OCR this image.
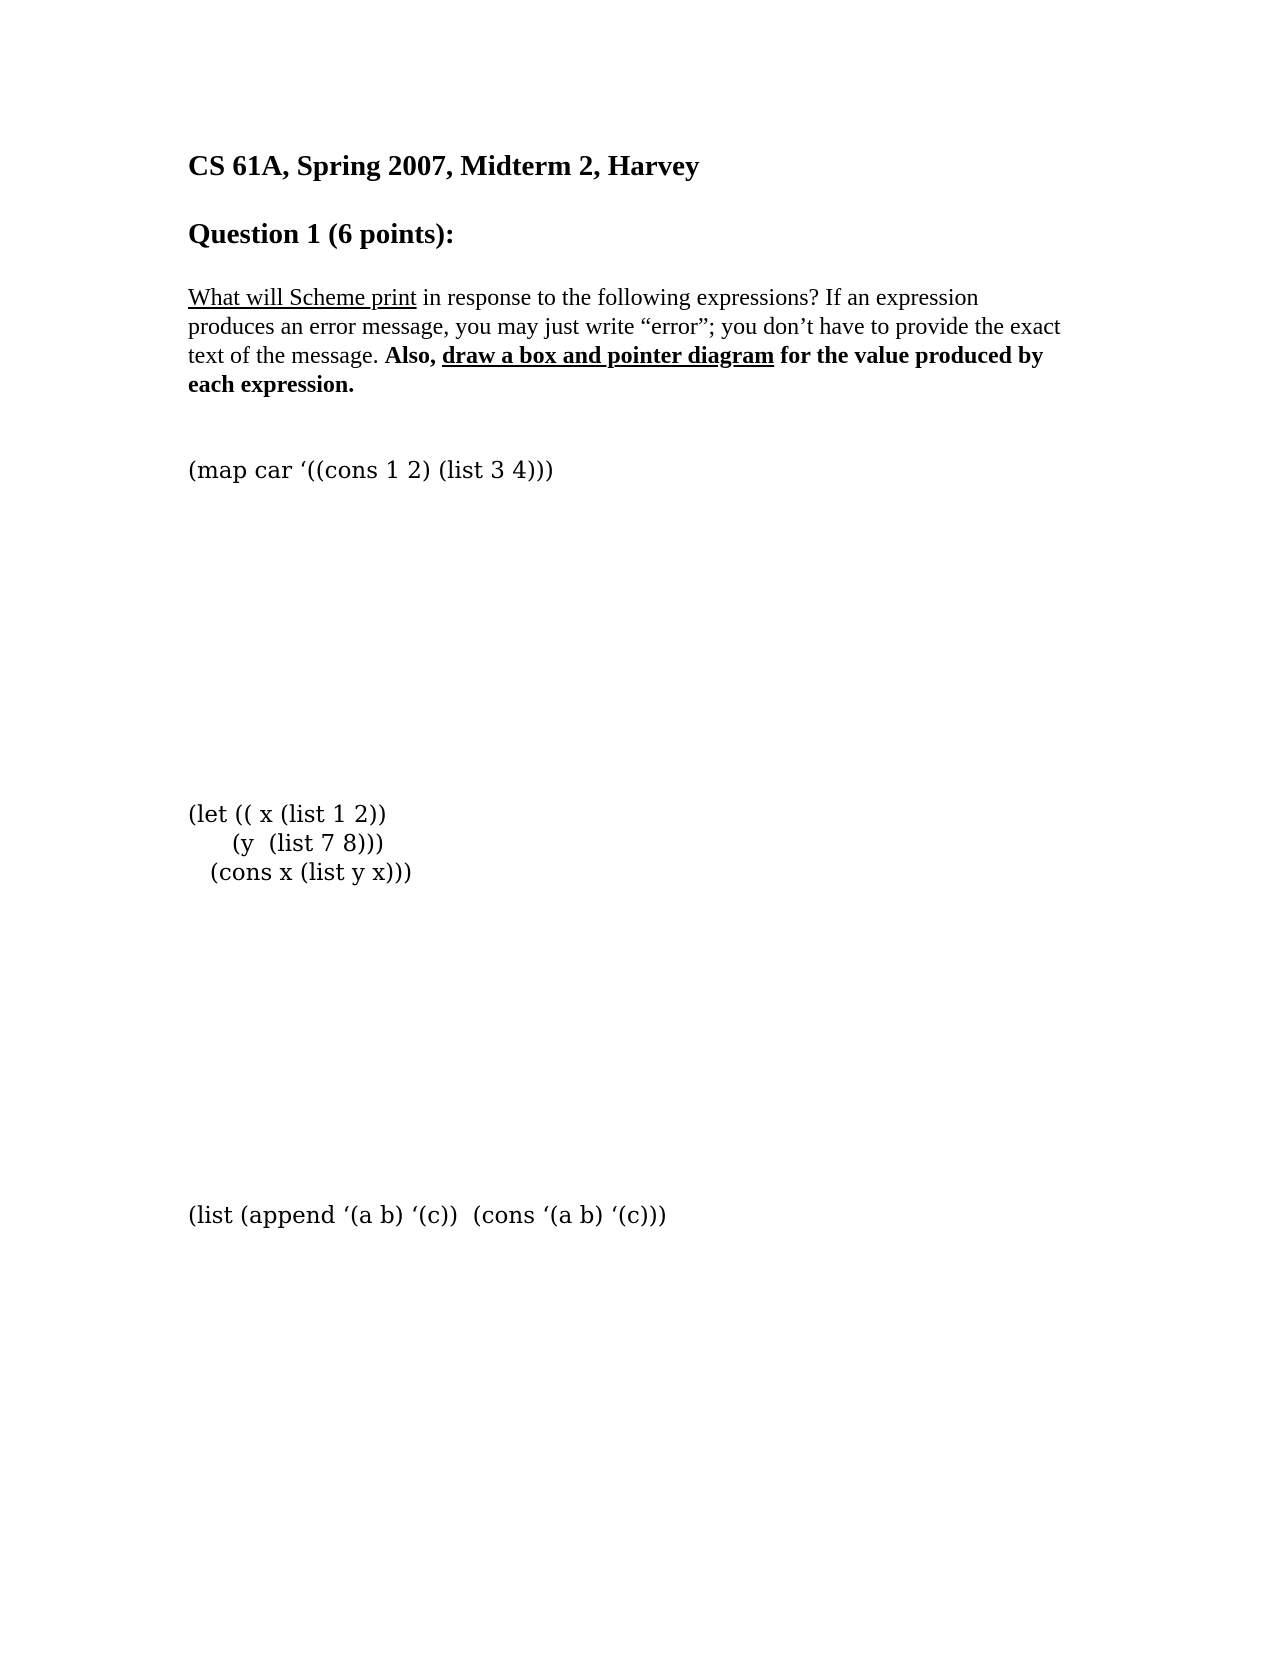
CS 61A, Spring 2007, Midterm 2, Harvey
Question 1 (6 points):
What will Scheme print in response to the following expressions? If an expression produces an error message, you may just write “error”; you don’t have to provide the exact text of the message. Also, draw a box and pointer diagram for the value produced by each expression.
(map car ‘((cons 1 2) (list 3 4)))
(let (( x (list 1 2))
(y  (list 7 8)))
(cons x (list y x)))
(list (append ‘(a b) ‘(c))  (cons ‘(a b) ‘(c)))
